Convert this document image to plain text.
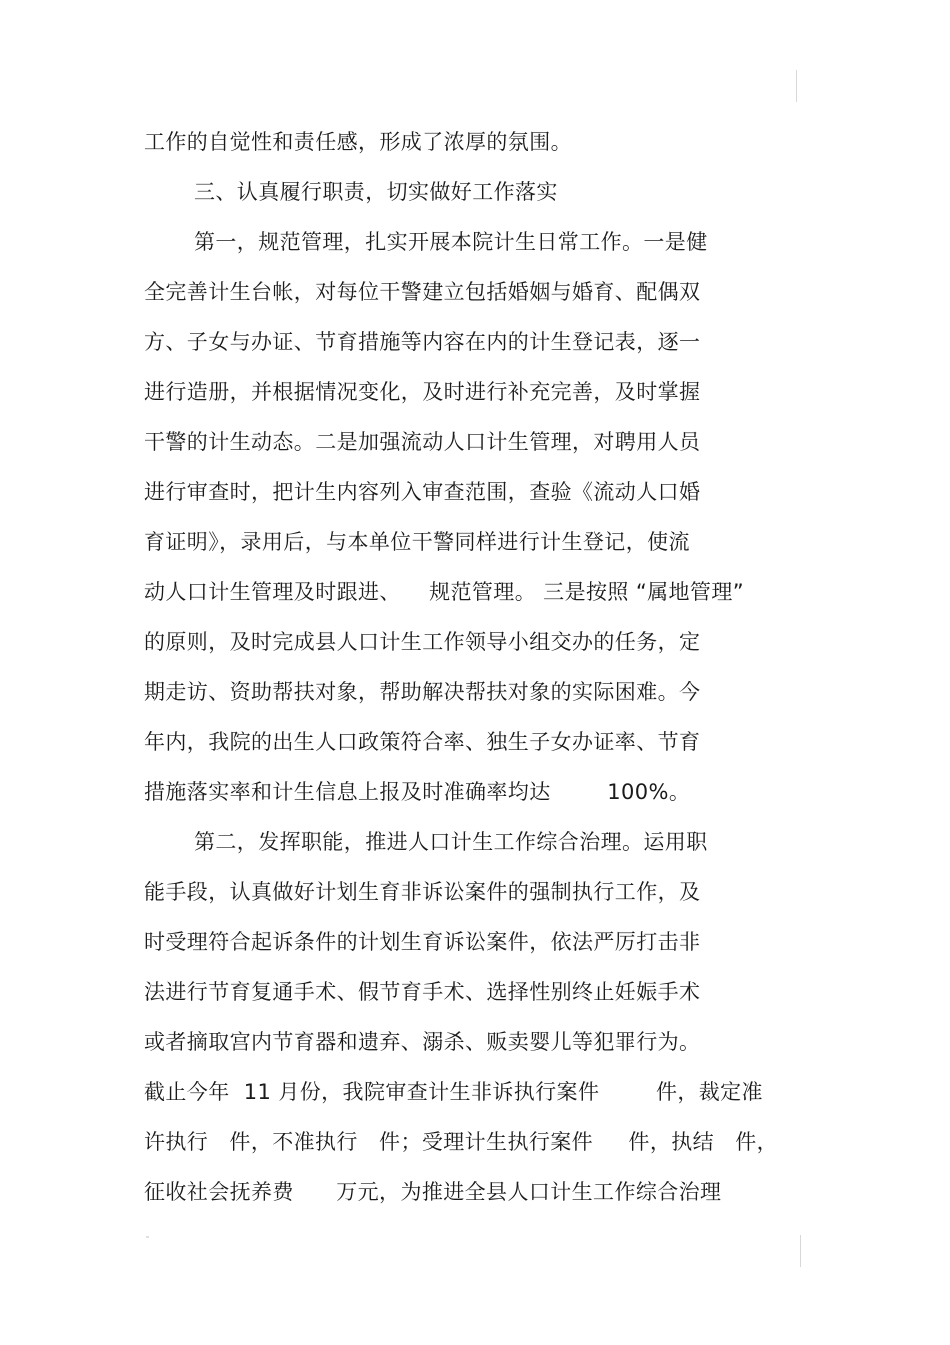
工作的自觉性和责任感，形成了浓厚的氛围。
三、认真履行职责，切实做好工作落实
第一，规范管理，扎实开展本院计生日常工作。一是健
全完善计生台帐，对每位干警建立包括婚姻与婚育、配偶双
方、子女与办证、节育措施等内容在内的计生登记表，逐一
进行造册，并根据情况变化，及时进行补充完善，及时掌握
干警的计生动态。二是加强流动人口计生管理，对聘用人员
进行审查时，把计生内容列入审查范围，查验《流动人口婚
育证明》，录用后，与本单位干警同样进行计生登记，使流
动人口计生管理及时跟进、    规范管理。 三是按照 “属地管理”
的原则，及时完成县人口计生工作领导小组交办的任务，定
期走访、资助帮扶对象，帮助解决帮扶对象的实际困难。今
年内，我院的出生人口政策符合率、独生子女办证率、节育
措施落实率和计生信息上报及时准确率均达        100%。
第二，发挥职能，推进人口计生工作综合治理。运用职
能手段，认真做好计划生育非诉讼案件的强制执行工作，及
时受理符合起诉条件的计划生育诉讼案件，依法严厉打击非
法进行节育复通手术、假节育手术、选择性别终止妊娠手术
或者摘取宫内节育器和遗弃、溺杀、贩卖婴儿等犯罪行为。
截止今年  11 月份，我院审查计生非诉执行案件        件，裁定准
许执行   件，不准执行   件；受理计生执行案件     件，执结   件，
征收社会抚养费      万元，为推进全县人口计生工作综合治理
